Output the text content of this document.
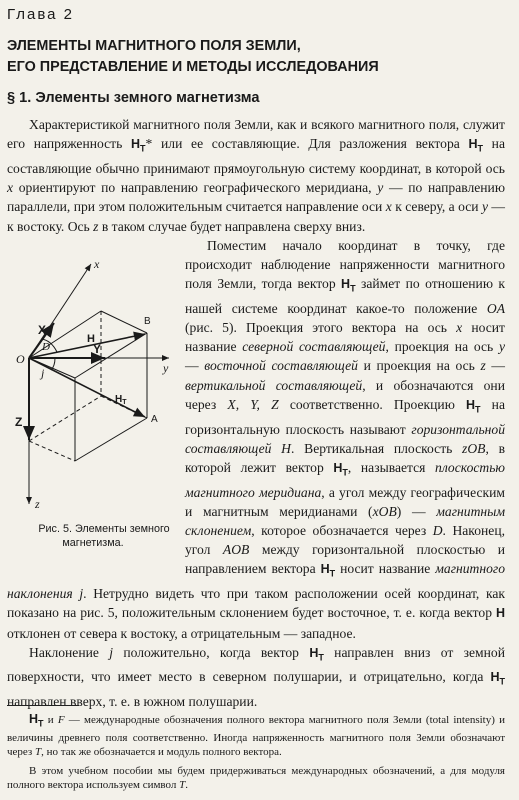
Глава 2
ЭЛЕМЕНТЫ МАГНИТНОГО ПОЛЯ ЗЕМЛИ,
ЕГО ПРЕДСТАВЛЕНИЕ И МЕТОДЫ ИССЛЕДОВАНИЯ
§ 1. Элементы земного магнетизма

Характеристикой магнитного поля Земли, как и всякого магнитного поля, служит его напряженность $H_T*$ или ее составляющие. Для разложения вектора $H_T$ на составляющие обычно принимают прямоугольную систему координат, в которой ось x ориентируют по направлению географического меридиана, y — по направлению параллели, при этом положительным считается направление оси x к северу, а оси y — к востоку. Ось z в таком случае будет направлена сверху вниз.

x
X
D
H
B
O
Y
j	y
Z
$H_T$
A
z
Рис. 5. Элементы земного магнетизма.
Поместим начало координат в точку, где происходит наблюдение напряженности магнитного поля Земли, тогда вектор $H_T$ займет по отношению к нашей системе координат какое-то положение OA (рис. 5). Проекция этого вектора на ось x носит название северной составляющей, проекция на ось y — восточной составляющей и проекция на ось z — вертикальной составляющей, и обозначаются они через X, Y, Z соответственно. Проекцию $H_T$ на горизонтальную плоскость называют горизонтальной составляющей H. Вертикальная плоскость zOB, в которой лежит вектор $H_T$, называется плоскостью магнитного меридиана, а угол между географическим и магнитным меридианами (xOB) — магнитным склонением, которое обозначается через D. Наконец, угол AOB между горизонтальной плоскостью и направлением вектора $H_T$ носит название магнитного наклонения j. Нетрудно видеть что при таком расположении осей координат, как показано на рис. 5, положительным склонением будет восточное, т. е. когда вектор H отклонен от севера к востоку, а отрицательным — западное.

Наклонение j положительно, когда вектор $H_T$ направлен вниз от земной поверхности, что имеет место в северном полушарии, и отрицательно, когда $H_T$ направлен вверх, т. е. в южном полушарии.

$H_T$ и F — международные обозначения полного вектора магнитного поля Земли (total intensity) и величины древнего поля соответственно. Иногда напряженность магнитного поля Земли обозначают через T, но так же обозначается и модуль полного вектора.

В этом учебном пособии мы будем придерживаться международных обозначений, а для модуля полного вектора используем символ T.
